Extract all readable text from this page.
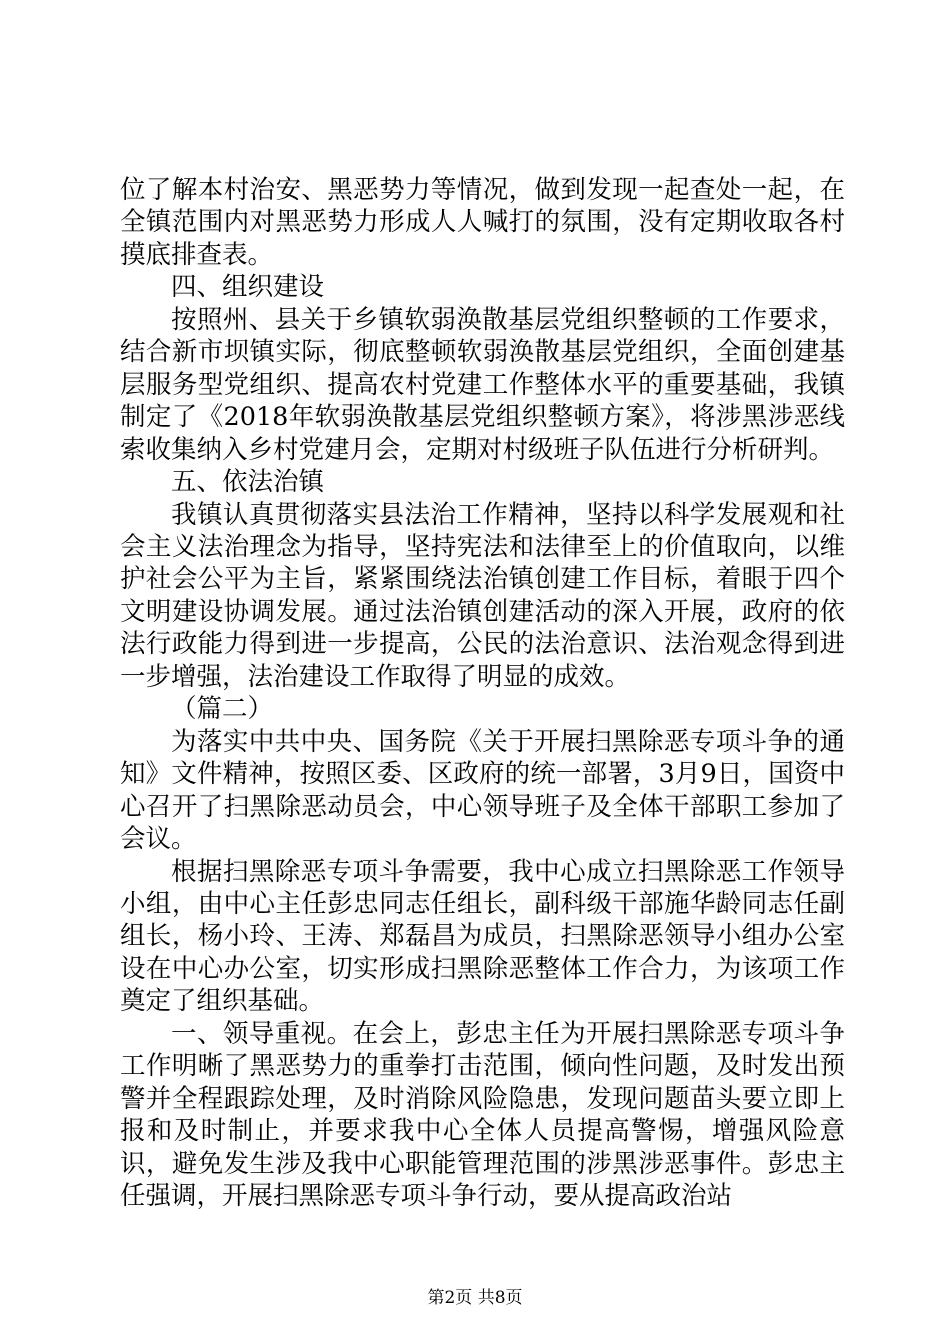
位了解本村治安、黑恶势力等情况，做到发现一起查处一起，在全镇范围内对黑恶势力形成人人喊打的氛围，没有定期收取各村摸底排查表。

四、组织建设

按照州、县关于乡镇软弱涣散基层党组织整顿的工作要求，结合新市坝镇实际，彻底整顿软弱涣散基层党组织，全面创建基层服务型党组织、提高农村党建工作整体水平的重要基础，我镇制定了《2018年软弱涣散基层党组织整顿方案》，将涉黑涉恶线索收集纳入乡村党建月会，定期对村级班子队伍进行分析研判。

五、依法治镇

我镇认真贯彻落实县法治工作精神，坚持以科学发展观和社会主义法治理念为指导，坚持宪法和法律至上的价值取向，以维护社会公平为主旨，紧紧围绕法治镇创建工作目标，着眼于四个文明建设协调发展。通过法治镇创建活动的深入开展，政府的依法行政能力得到进一步提高，公民的法治意识、法治观念得到进一步增强，法治建设工作取得了明显的成效。

（篇二）

为落实中共中央、国务院《关于开展扫黑除恶专项斗争的通知》文件精神，按照区委、区政府的统一部署，3月9日，国资中心召开了扫黑除恶动员会，中心领导班子及全体干部职工参加了会议。

根据扫黑除恶专项斗争需要，我中心成立扫黑除恶工作领导小组，由中心主任彭忠同志任组长，副科级干部施华龄同志任副组长，杨小玲、王涛、郑磊昌为成员，扫黑除恶领导小组办公室设在中心办公室，切实形成扫黑除恶整体工作合力，为该项工作奠定了组织基础。

一、领导重视。在会上，彭忠主任为开展扫黑除恶专项斗争工作明晰了黑恶势力的重拳打击范围，倾向性问题，及时发出预警并全程跟踪处理，及时消除风险隐患，发现问题苗头要立即上报和及时制止，并要求我中心全体人员提高警惕，增强风险意识，避免发生涉及我中心职能管理范围的涉黑涉恶事件。彭忠主任强调，开展扫黑除恶专项斗争行动，要从提高政治站

第2页 共8页
